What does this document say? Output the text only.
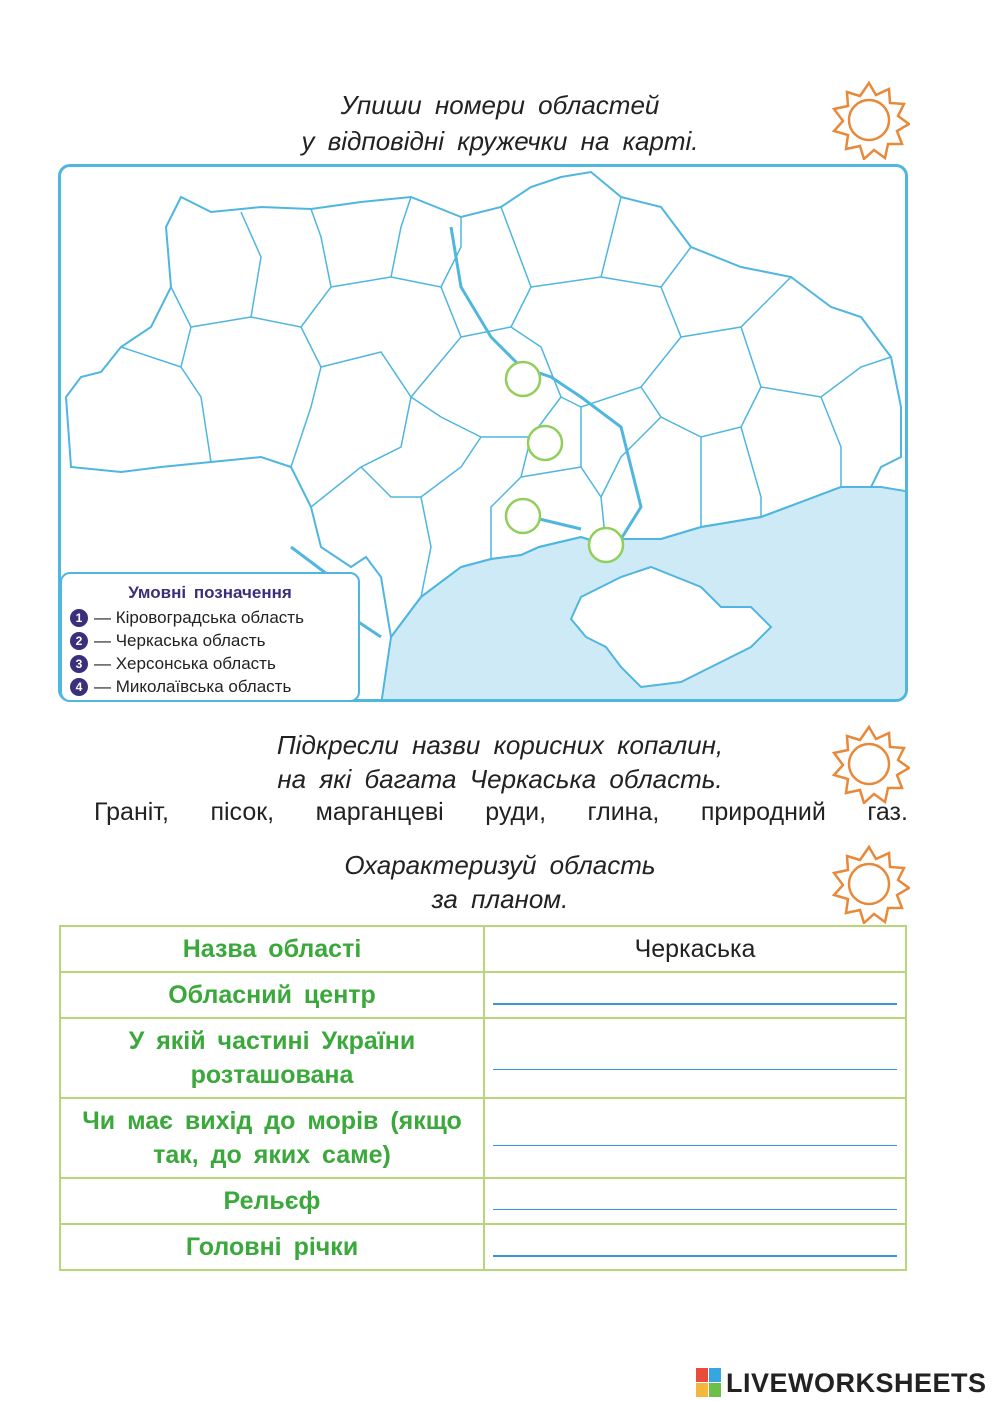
Упиши номери областей
у відповідні кружечки на карті.
Умовні позначення
1 — Кіровоградська область
2 — Черкаська область
3 — Херсонська область
4 — Миколаївська область
Підкресли назви корисних копалин,
на які багата Черкаська область.
Граніт, пісок, марганцеві руди, глина, природний газ.
Охарактеризуй область
за планом.
Назва області	Черкаська

Обласний центр	

У якій частині України розташована	

Чи має вихід до морів (якщо так, до яких саме)	

Рельєф	

Головні річки	
LIVEWORKSHEETS
